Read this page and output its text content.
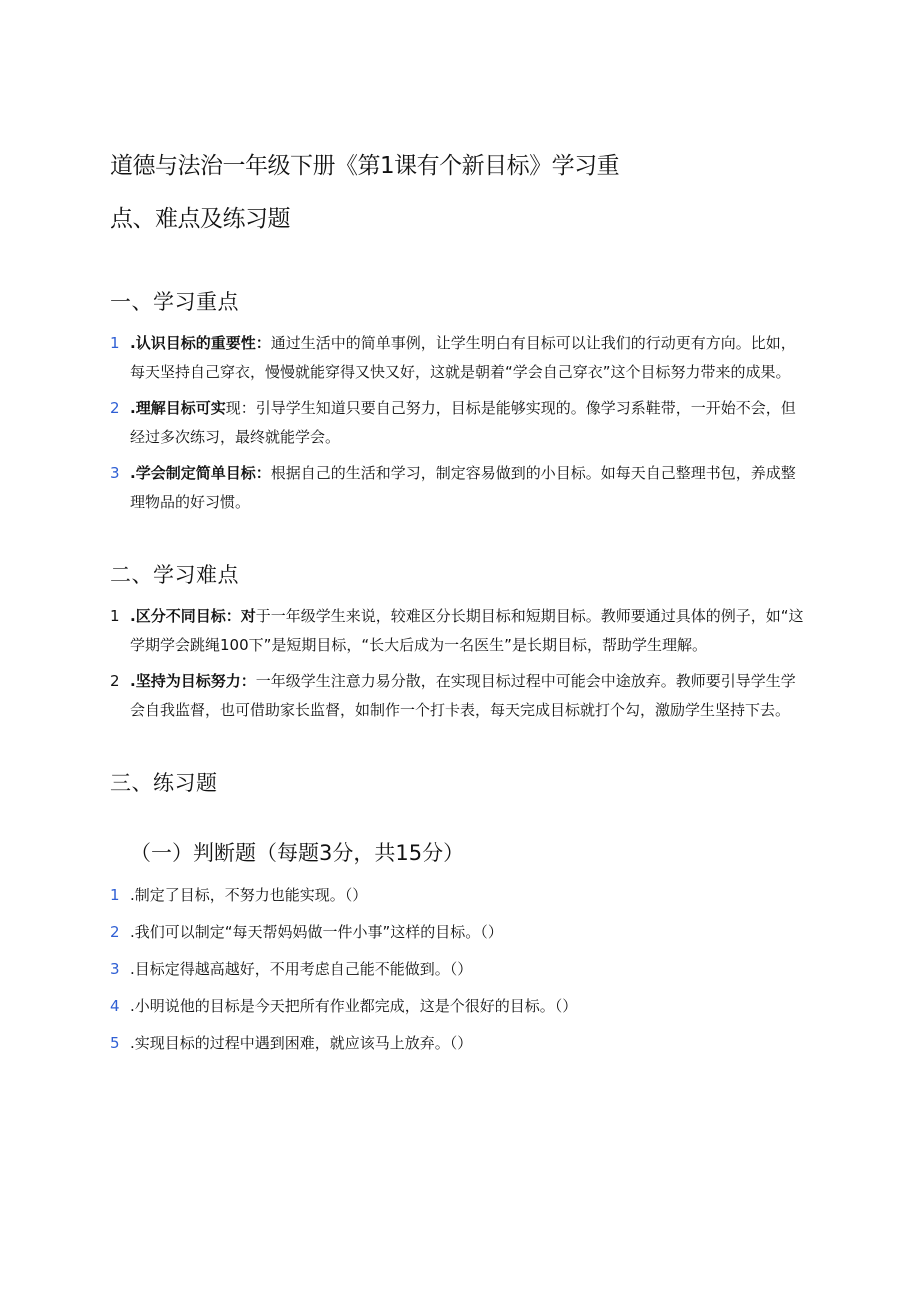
道德与法治一年级下册《第1课有个新目标》学习重
点、难点及练习题
一、学习重点
1 .认识目标的重要性：通过生活中的简单事例，让学生明白有目标可以让我们的行动更有方向。比如，每天坚持自己穿衣，慢慢就能穿得又快又好，这就是朝着“学会自己穿衣”这个目标努力带来的成果。
2 .理解目标可实现：引导学生知道只要自己努力，目标是能够实现的。像学习系鞋带，一开始不会，但经过多次练习，最终就能学会。
3 .学会制定简单目标：根据自己的生活和学习，制定容易做到的小目标。如每天自己整理书包，养成整理物品的好习惯。
二、学习难点
1 .区分不同目标：对于一年级学生来说，较难区分长期目标和短期目标。教师要通过具体的例子，如“这学期学会跳绳100下”是短期目标，“长大后成为一名医生”是长期目标，帮助学生理解。
2 .坚持为目标努力：一年级学生注意力易分散，在实现目标过程中可能会中途放弃。教师要引导学生学会自我监督，也可借助家长监督，如制作一个打卡表，每天完成目标就打个勾，激励学生坚持下去。
三、练习题
（一）判断题（每题3分，共15分）
1 .制定了目标，不努力也能实现。（）
2 .我们可以制定“每天帮妈妈做一件小事”这样的目标。（）
3 .目标定得越高越好，不用考虑自己能不能做到。（）
4 .小明说他的目标是今天把所有作业都完成，这是个很好的目标。（）
5 .实现目标的过程中遇到困难，就应该马上放弃。（）
